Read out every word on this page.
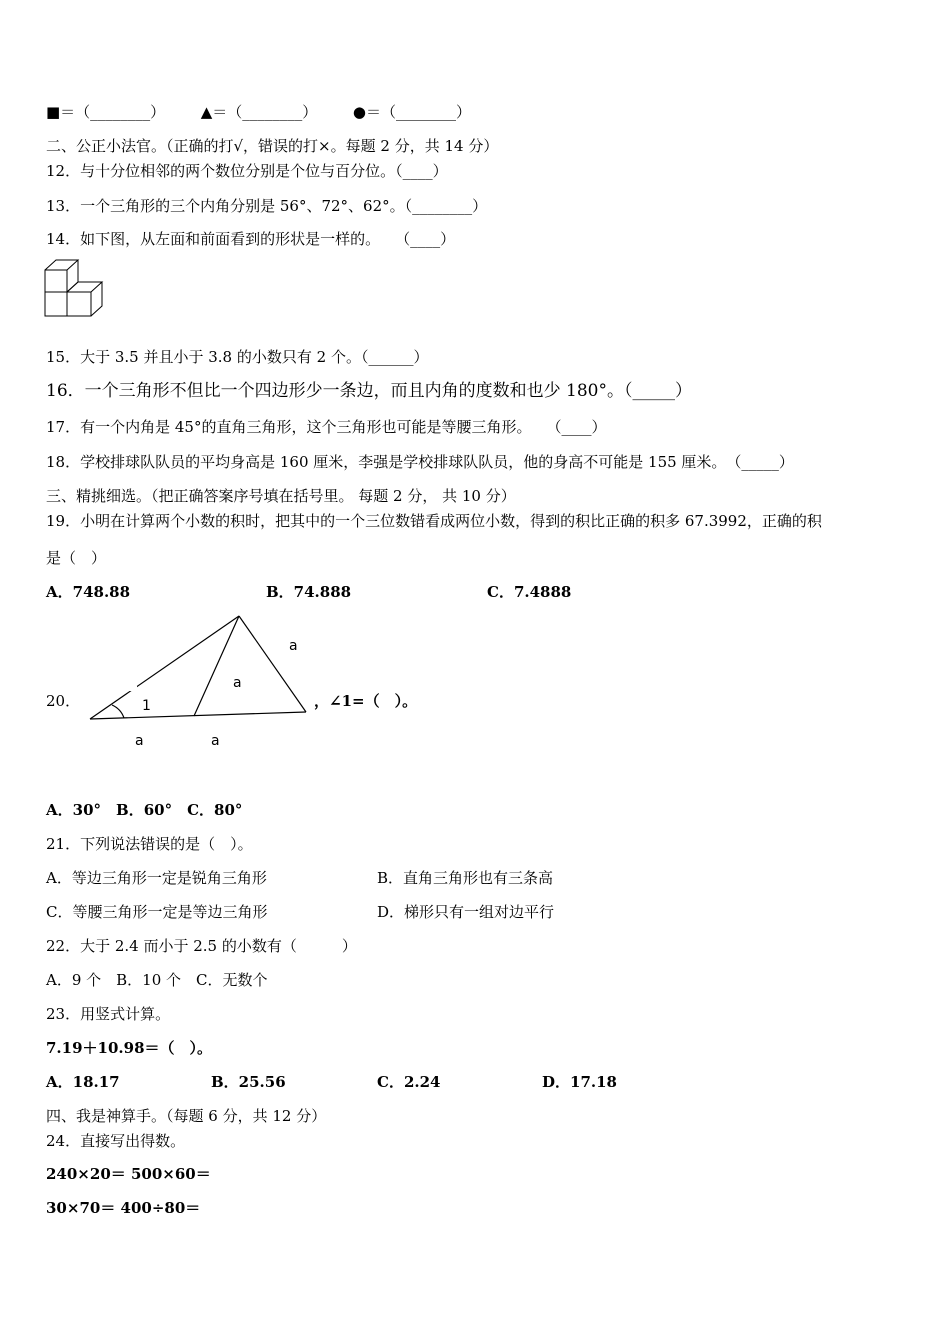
■＝（________） ▲＝（________） ●＝（________）
二、公正小法官。（正确的打√，错误的打×。每题 2 分，共 14 分）
12．与十分位相邻的两个数位分别是个位与百分位。（____）
13．一个三角形的三个内角分别是 56°、72°、62°。（________）
14．如下图，从左面和前面看到的形状是一样的。　　（____）
15．大于 3.5 并且小于 3.8 的小数只有 2 个。（______）
16．一个三角形不但比一个四边形少一条边，而且内角的度数和也少 180°。（_____）
17．有一个内角是 45°的直角三角形，这个三角形也可能是等腰三角形。　　（____）
18．学校排球队队员的平均身高是 160 厘米，李强是学校排球队队员，他的身高不可能是 155 厘米。　（_____）
三、精挑细选。（把正确答案序号填在括号里。 每题 2 分， 共 10 分）
19．小明在计算两个小数的积时，把其中的一个三位数错看成两位小数，得到的积比正确的积多 67.3992，正确的积
是（　）
A．748.88	B．74.888	C．7.4888
20．
a
a
1
a	a
，∠1=（　）。
A．30°　B．60°　C．80°
21．下列说法错误的是（　）。
A．等边三角形一定是锐角三角形	B．直角三角形也有三条高
C．等腰三角形一定是等边三角形	D．梯形只有一组对边平行
22．大于 2.4 而小于 2.5 的小数有（　　　）
A．9 个　B．10 个　C．无数个
23．用竖式计算。
7.19＋10.98＝（　）。
A．18.17	B．25.56	C．2.24	D．17.18
四、我是神算手。（每题 6 分，共 12 分）
24．直接写出得数。
240×20＝ 500×60＝
30×70＝ 400÷80＝
